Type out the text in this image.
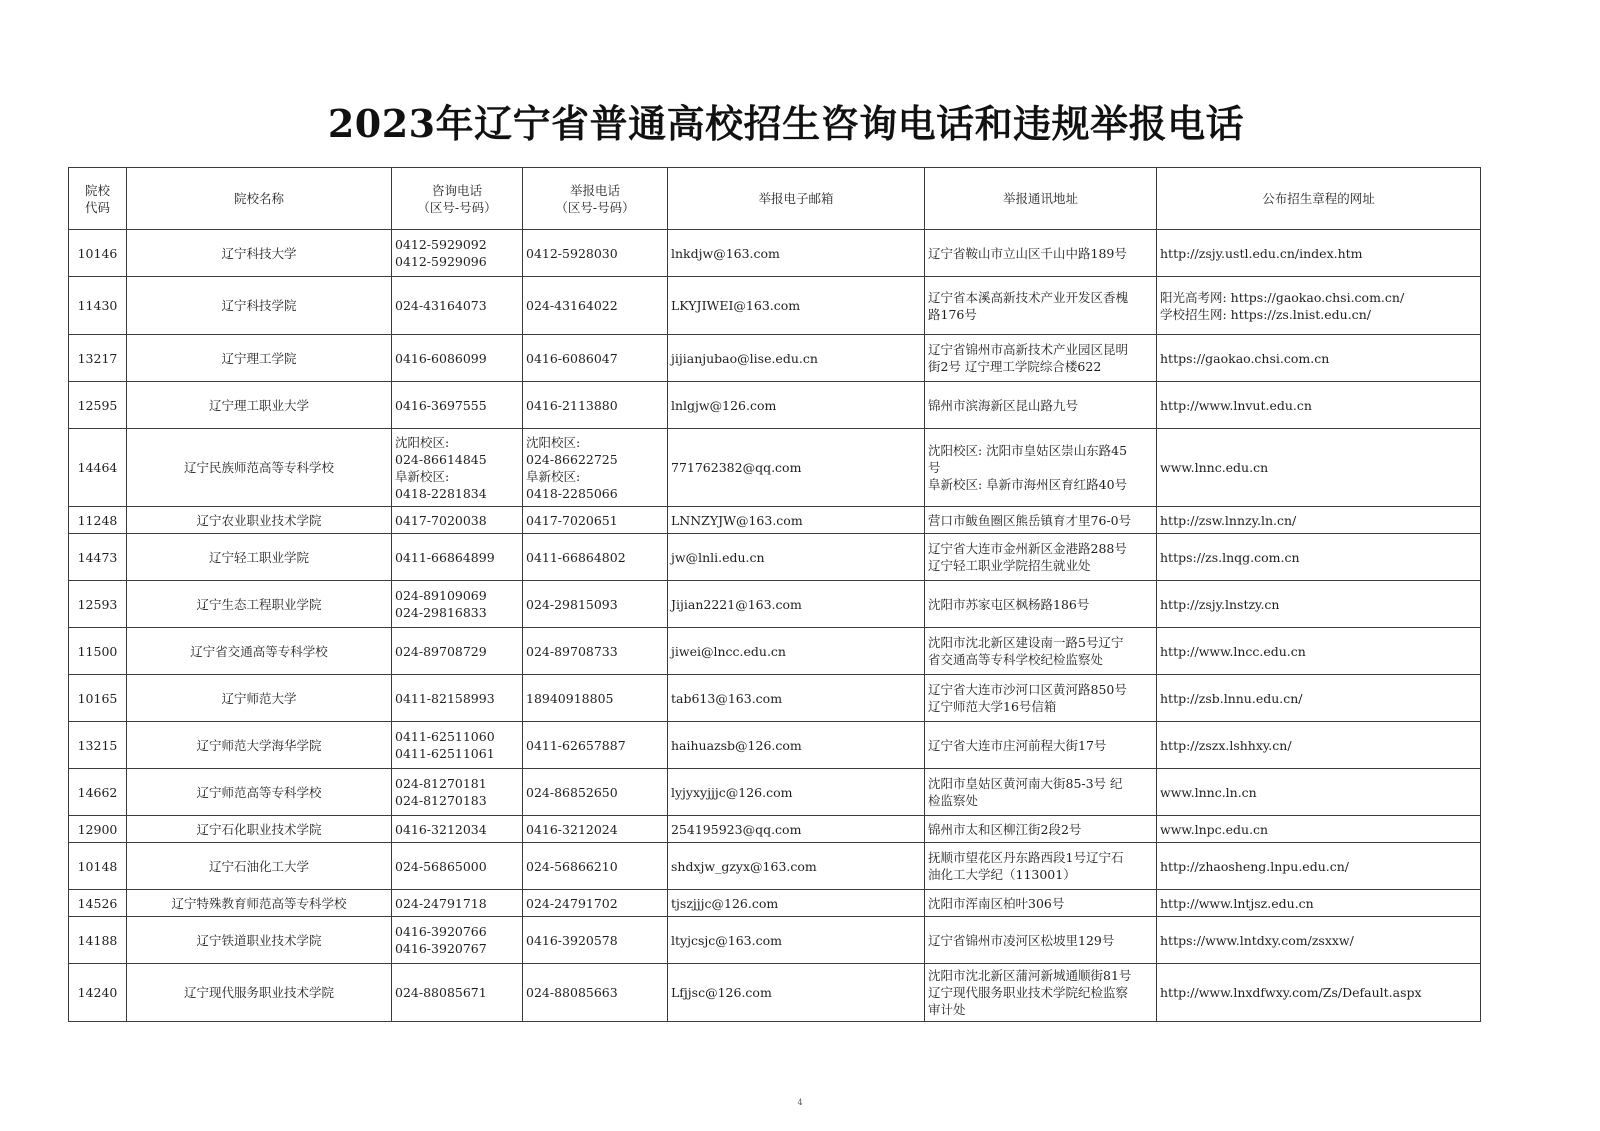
2023年辽宁省普通高校招生咨询电话和违规举报电话
院校
代码	院校名称	咨询电话
（区号-号码）	举报电话
（区号-号码）	举报电子邮箱	举报通讯地址	公布招生章程的网址

10146	辽宁科技大学	0412-5929092
0412-5929096	0412-5928030	lnkdjw@163.com	辽宁省鞍山市立山区千山中路189号	http://zsjy.ustl.edu.cn/index.htm

11430	辽宁科技学院	024-43164073	024-43164022	LKYJIWEI@163.com	辽宁省本溪高新技术产业开发区香槐
路176号	阳光高考网: https://gaokao.chsi.com.cn/
学校招生网: https://zs.lnist.edu.cn/

13217	辽宁理工学院	0416-6086099	0416-6086047	jijianjubao@lise.edu.cn	辽宁省锦州市高新技术产业园区昆明
街2号 辽宁理工学院综合楼622	https://gaokao.chsi.com.cn

12595	辽宁理工职业大学	0416-3697555	0416-2113880	lnlgjw@126.com	锦州市滨海新区昆山路九号	http://www.lnvut.edu.cn

14464	辽宁民族师范高等专科学校	沈阳校区:
024-86614845
阜新校区:
0418-2281834	沈阳校区:
024-86622725
阜新校区:
0418-2285066	771762382@qq.com	沈阳校区: 沈阳市皇姑区崇山东路45
号
阜新校区: 阜新市海州区育红路40号	www.lnnc.edu.cn

11248	辽宁农业职业技术学院	0417-7020038	0417-7020651	LNNZYJW@163.com	营口市鲅鱼圈区熊岳镇育才里76-0号	http://zsw.lnnzy.ln.cn/

14473	辽宁轻工职业学院	0411-66864899	0411-66864802	jw@lnli.edu.cn	辽宁省大连市金州新区金港路288号
辽宁轻工职业学院招生就业处	https://zs.lnqg.com.cn

12593	辽宁生态工程职业学院	024-89109069
024-29816833	024-29815093	Jijian2221@163.com	沈阳市苏家屯区枫杨路186号	http://zsjy.lnstzy.cn

11500	辽宁省交通高等专科学校	024-89708729	024-89708733	jiwei@lncc.edu.cn	沈阳市沈北新区建设南一路5号辽宁
省交通高等专科学校纪检监察处	http://www.lncc.edu.cn

10165	辽宁师范大学	0411-82158993	18940918805	tab613@163.com	辽宁省大连市沙河口区黄河路850号
辽宁师范大学16号信箱	http://zsb.lnnu.edu.cn/

13215	辽宁师范大学海华学院	0411-62511060
0411-62511061	0411-62657887	haihuazsb@126.com	辽宁省大连市庄河前程大街17号	http://zszx.lshhxy.cn/

14662	辽宁师范高等专科学校	024-81270181
024-81270183	024-86852650	lyjyxyjjjc@126.com	沈阳市皇姑区黄河南大街85-3号 纪
检监察处	www.lnnc.ln.cn

12900	辽宁石化职业技术学院	0416-3212034	0416-3212024	254195923@qq.com	锦州市太和区柳江街2段2号	www.lnpc.edu.cn

10148	辽宁石油化工大学	024-56865000	024-56866210	shdxjw_gzyx@163.com	抚顺市望花区丹东路西段1号辽宁石
油化工大学纪（113001）	http://zhaosheng.lnpu.edu.cn/

14526	辽宁特殊教育师范高等专科学校	024-24791718	024-24791702	tjszjjjc@126.com	沈阳市浑南区柏叶306号	http://www.lntjsz.edu.cn

14188	辽宁铁道职业技术学院	0416-3920766
0416-3920767	0416-3920578	ltyjcsjc@163.com	辽宁省锦州市凌河区松坡里129号	https://www.lntdxy.com/zsxxw/

14240	辽宁现代服务职业技术学院	024-88085671	024-88085663	Lfjjsc@126.com	沈阳市沈北新区蒲河新城通顺街81号
辽宁现代服务职业技术学院纪检监察
审计处	http://www.lnxdfwxy.com/Zs/Default.aspx
4
